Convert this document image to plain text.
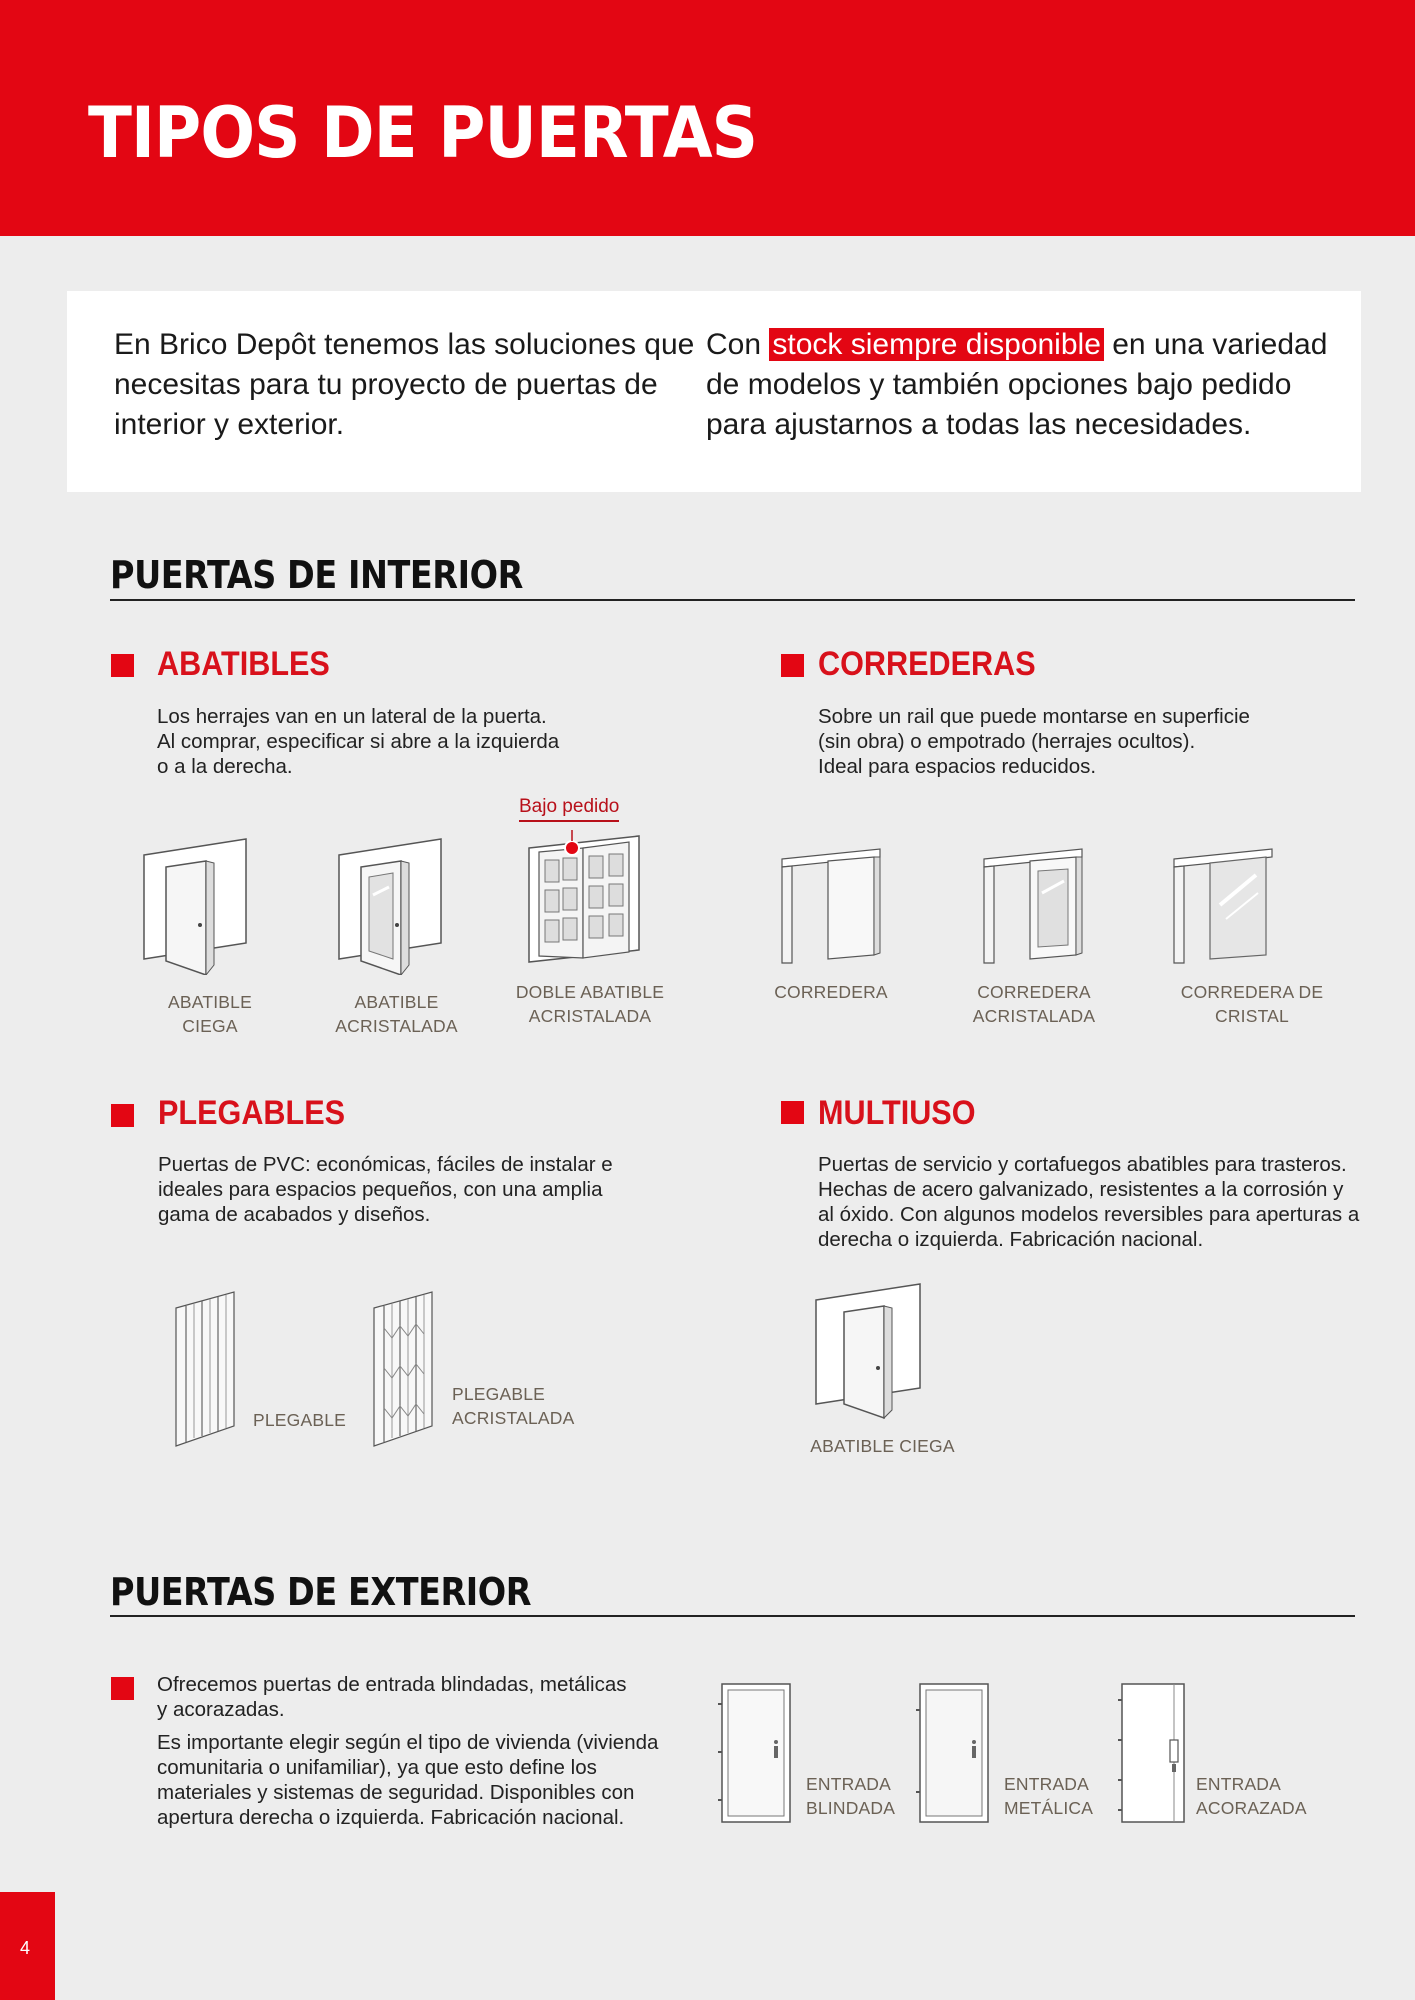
TIPOS DE PUERTAS

En Brico Depôt tenemos las soluciones que necesitas para tu proyecto de puertas de interior y exterior.

Con stock siempre disponible en una variedad de modelos y también opciones bajo pedido para ajustarnos a todas las necesidades.

PUERTAS DE INTERIOR
ABATIBLES
Los herrajes van en un lateral de la puerta.
Al comprar, especificar si abre a la izquierda
o a la derecha.
Bajo pedido
ABATIBLE CIEGA
ABATIBLE ACRISTALADA
DOBLE ABATIBLE
ACRISTALADA
CORREDERAS
Sobre un rail que puede montarse en superficie
(sin obra) o empotrado (herrajes ocultos).
Ideal para espacios reducidos.
CORREDERA	CORREDERA ACRISTALADA
CORREDERA DE CRISTAL
PLEGABLES
Puertas de PVC: económicas, fáciles de instalar e
ideales para espacios pequeños, con una amplia
gama de acabados y diseños.
PLEGABLE
PLEGABLE
ACRISTALADA
MULTIUSO
Puertas de servicio y cortafuegos abatibles para trasteros.
Hechas de acero galvanizado, resistentes a la corrosión y
al óxido. Con algunos modelos reversibles para aperturas a
derecha o izquierda. Fabricación nacional.
ABATIBLE CIEGA
PUERTAS DE EXTERIOR
Ofrecemos puertas de entrada blindadas, metálicas
y acorazadas.
Es importante elegir según el tipo de vivienda (vivienda
comunitaria o unifamiliar), ya que esto define los
materiales y sistemas de seguridad. Disponibles con
apertura derecha o izquierda. Fabricación nacional.
ENTRADA
BLINDADA
ENTRADA
METÁLICA
ENTRADA
ACORAZADA
4
